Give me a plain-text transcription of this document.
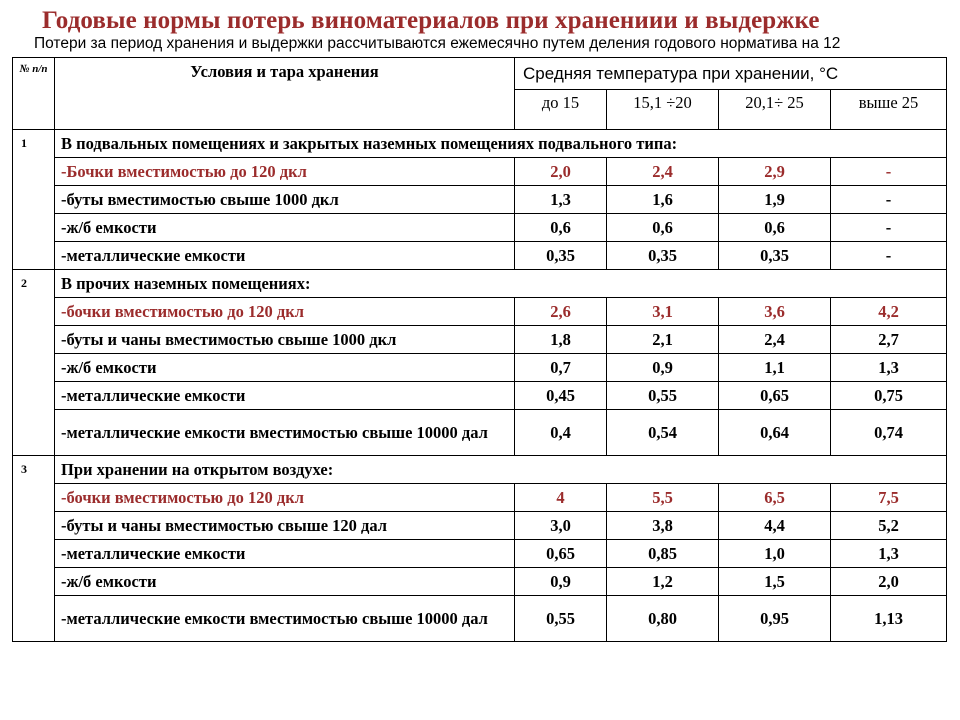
Годовые нормы потерь виноматериалов при хранениии и выдержке
Потери за период хранения и выдержки рассчитываются ежемесячно путем деления годового норматива на 12
№ п/п	Условия и тара хранения	Средняя температура при хранении, °С			
		до 15	15,1 ÷20	20,1÷ 25	выше 25
1	В подвальных помещениях и закрытых наземных помещениях подвального типа:				
	-Бочки вместимостью до 120 дкл	2,0	2,4	2,9	-
	-буты вместимостью свыше 1000 дкл	1,3	1,6	1,9	-
	-ж/б емкости	0,6	0,6	0,6	-
	-металлические емкости	0,35	0,35	0,35	-
2	В прочих наземных помещениях:				
	-бочки вместимостью до 120 дкл	2,6	3,1	3,6	4,2
	-буты и чаны вместимостью свыше 1000 дкл	1,8	2,1	2,4	2,7
	-ж/б емкости	0,7	0,9	1,1	1,3
	-металлические емкости	0,45	0,55	0,65	0,75
	-металлические емкости вместимостью свыше 10000 дал	0,4	0,54	0,64	0,74
3	При хранении на открытом воздухе:				
	-бочки вместимостью до 120 дкл	4	5,5	6,5	7,5
	-буты и чаны вместимостью свыше 120 дал	3,0	3,8	4,4	5,2
	-металлические емкости	0,65	0,85	1,0	1,3
	-ж/б емкости	0,9	1,2	1,5	2,0
	-металлические емкости вместимостью свыше 10000 дал	0,55	0,80	0,95	1,13
